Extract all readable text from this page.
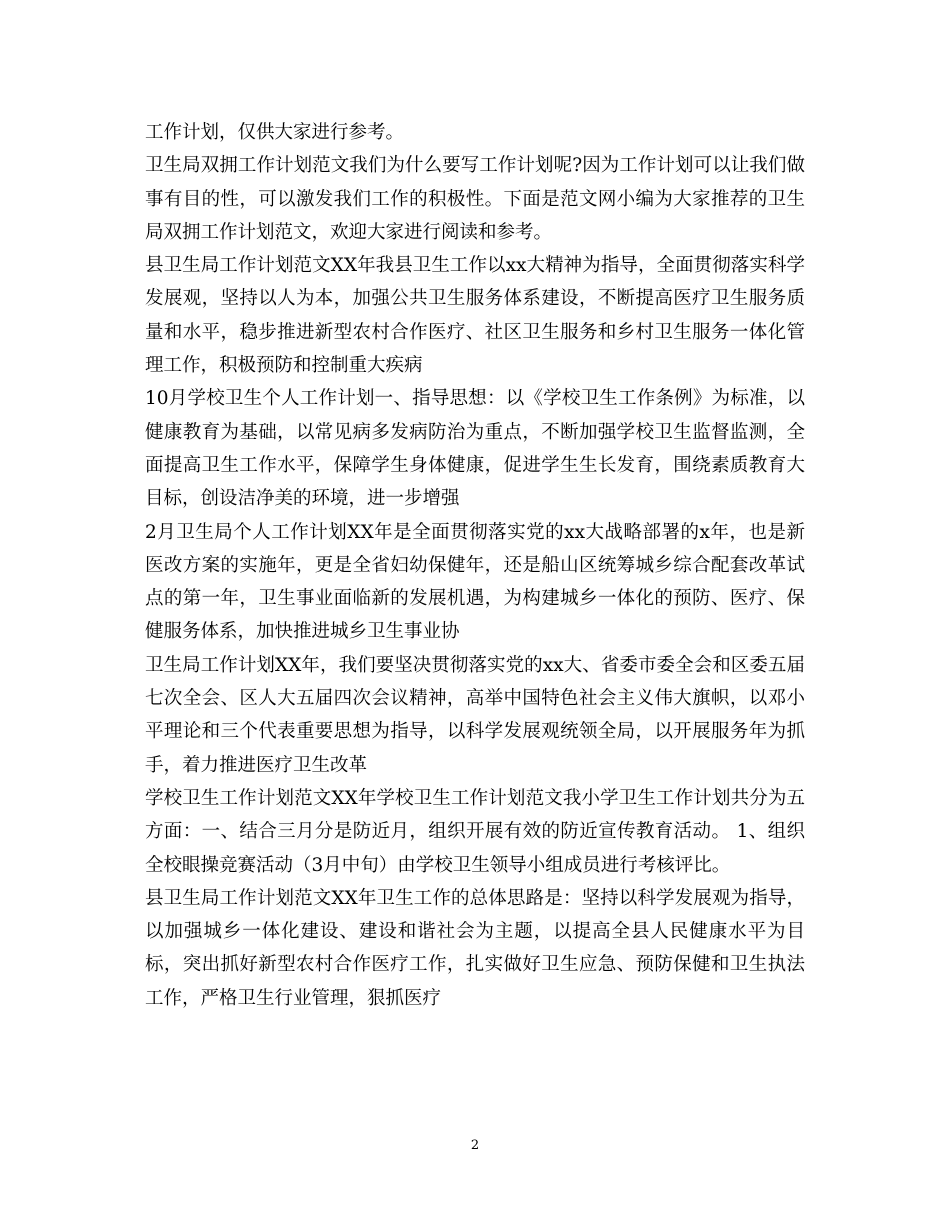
工作计划，仅供大家进行参考。

卫生局双拥工作计划范文我们为什么要写工作计划呢?因为工作计划可以让我们做事有目的性，可以激发我们工作的积极性。下面是范文网小编为大家推荐的卫生局双拥工作计划范文，欢迎大家进行阅读和参考。

县卫生局工作计划范文XX年我县卫生工作以xx大精神为指导，全面贯彻落实科学发展观，坚持以人为本，加强公共卫生服务体系建设，不断提高医疗卫生服务质量和水平，稳步推进新型农村合作医疗、社区卫生服务和乡村卫生服务一体化管理工作，积极预防和控制重大疾病

10月学校卫生个人工作计划一、指导思想：以《学校卫生工作条例》为标准，以健康教育为基础，以常见病多发病防治为重点，不断加强学校卫生监督监测，全面提高卫生工作水平，保障学生身体健康，促进学生生长发育，围绕素质教育大目标，创设洁净美的环境，进一步增强

2月卫生局个人工作计划XX年是全面贯彻落实党的xx大战略部署的x年，也是新医改方案的实施年，更是全省妇幼保健年，还是船山区统筹城乡综合配套改革试点的第一年，卫生事业面临新的发展机遇，为构建城乡一体化的预防、医疗、保健服务体系，加快推进城乡卫生事业协

卫生局工作计划XX年，我们要坚决贯彻落实党的xx大、省委市委全会和区委五届七次全会、区人大五届四次会议精神，高举中国特色社会主义伟大旗帜，以邓小平理论和三个代表重要思想为指导，以科学发展观统领全局，以开展服务年为抓手，着力推进医疗卫生改革

学校卫生工作计划范文XX年学校卫生工作计划范文我小学卫生工作计划共分为五方面：一、结合三月分是防近月，组织开展有效的防近宣传教育活动。 1、组织全校眼操竞赛活动（3月中旬）由学校卫生领导小组成员进行考核评比。

县卫生局工作计划范文XX年卫生工作的总体思路是：坚持以科学发展观为指导，以加强城乡一体化建设、建设和谐社会为主题，以提高全县人民健康水平为目标，突出抓好新型农村合作医疗工作，扎实做好卫生应急、预防保健和卫生执法工作，严格卫生行业管理，狠抓医疗

2
